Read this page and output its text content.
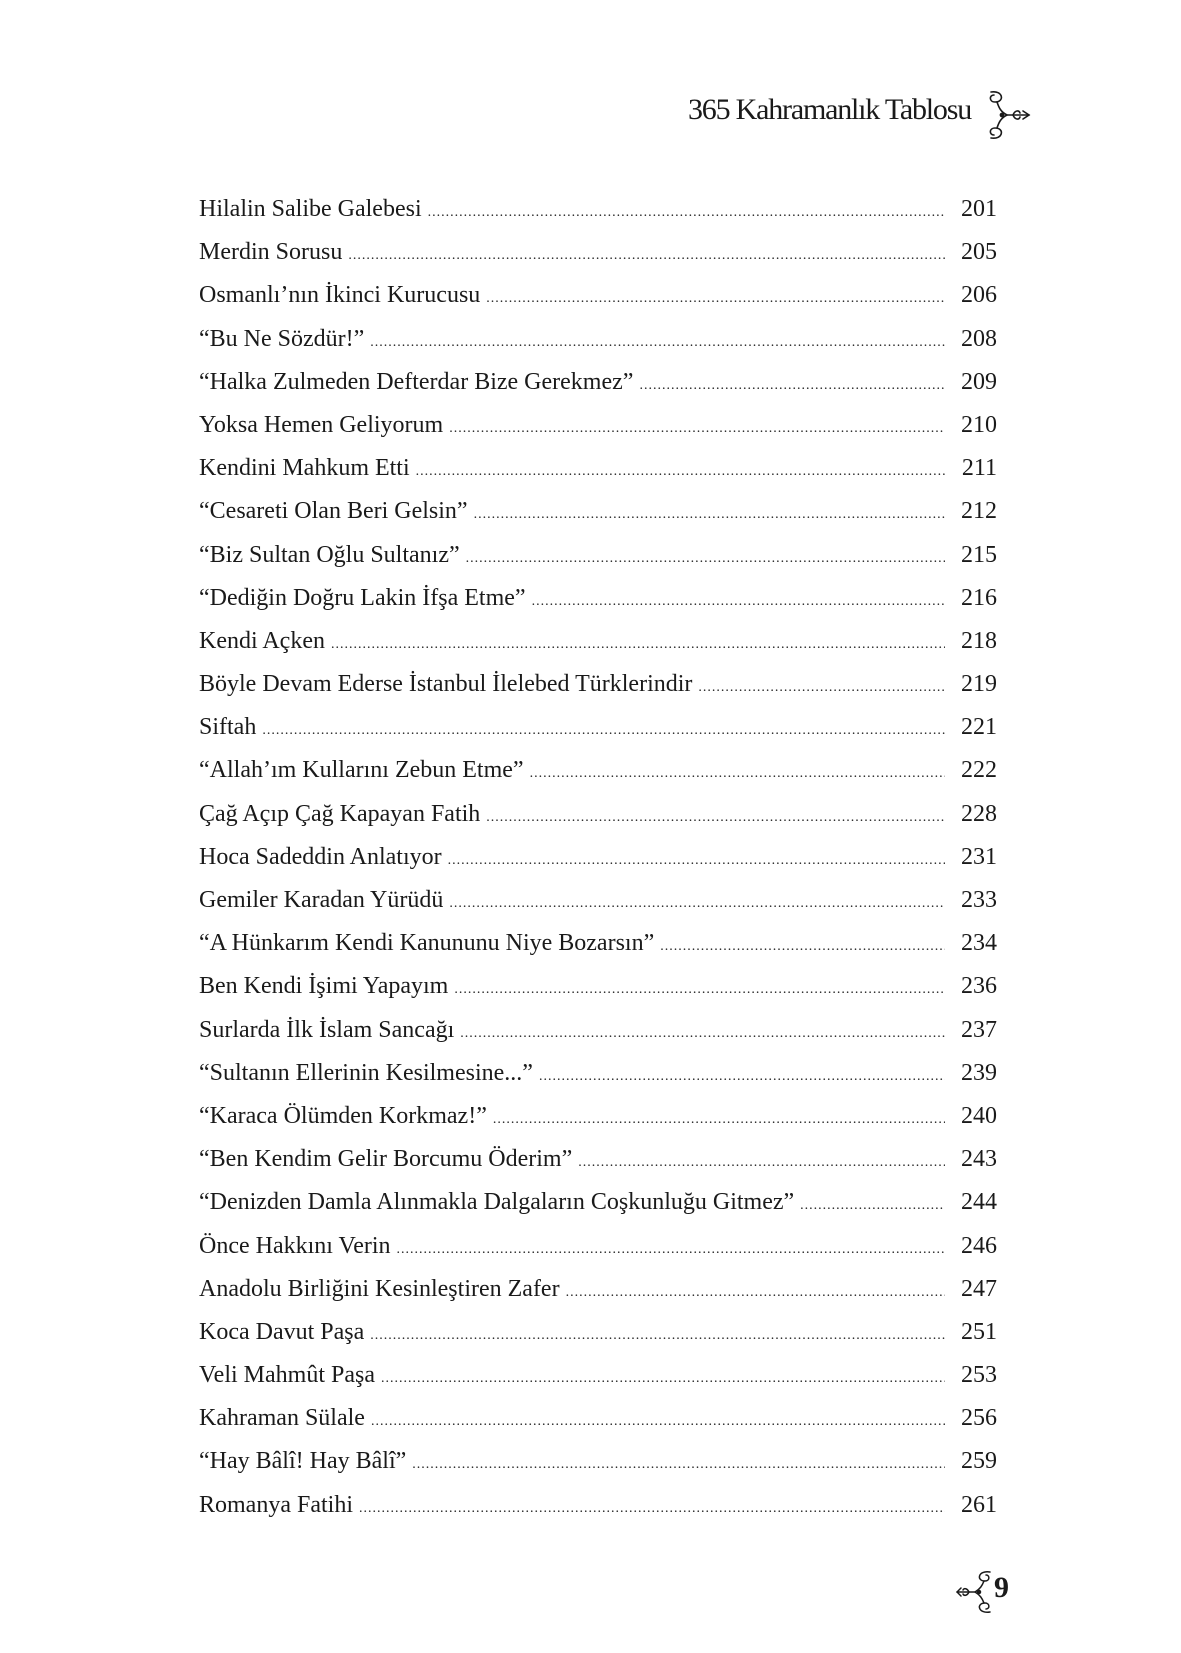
365 Kahramanlık Tablosu
Hilalin Salibe Galebesi .....	201
Merdin Sorusu .....	205
Osmanlı’nın İkinci Kurucusu .....	206
“Bu Ne Sözdür!” .....	208
“Halka Zulmeden Defterdar Bize Gerekmez” .....	209
Yoksa Hemen Geliyorum .....	210
Kendini Mahkum Etti .....	211
“Cesareti Olan Beri Gelsin” .....	212
“Biz Sultan Oğlu Sultanız” .....	215
“Dediğin Doğru Lakin İfşa Etme” .....	216
Kendi Açken .....	218
Böyle Devam Ederse İstanbul İlelebed Türklerindir .....	219
Siftah .....	221
“Allah’ım Kullarını Zebun Etme” .....	222
Çağ Açıp Çağ Kapayan Fatih .....	228
Hoca Sadeddin Anlatıyor .....	231
Gemiler Karadan Yürüdü .....	233
“A Hünkarım Kendi Kanununu Niye Bozarsın” .....	234
Ben Kendi İşimi Yapayım .....	236
Surlarda İlk İslam Sancağı .....	237
“Sultanın Ellerinin Kesilmesine...” .....	239
“Karaca Ölümden Korkmaz!” .....	240
“Ben Kendim Gelir Borcumu Öderim” .....	243
“Denizden Damla Alınmakla Dalgaların Coşkunluğu Gitmez” .....	244
Önce Hakkını Verin .....	246
Anadolu Birliğini Kesinleştiren Zafer .....	247
Koca Davut Paşa .....	251
Veli Mahmût Paşa .....	253
Kahraman Sülale .....	256
“Hay Bâlî! Hay Bâlî” .....	259
Romanya Fatihi .....	261
9
